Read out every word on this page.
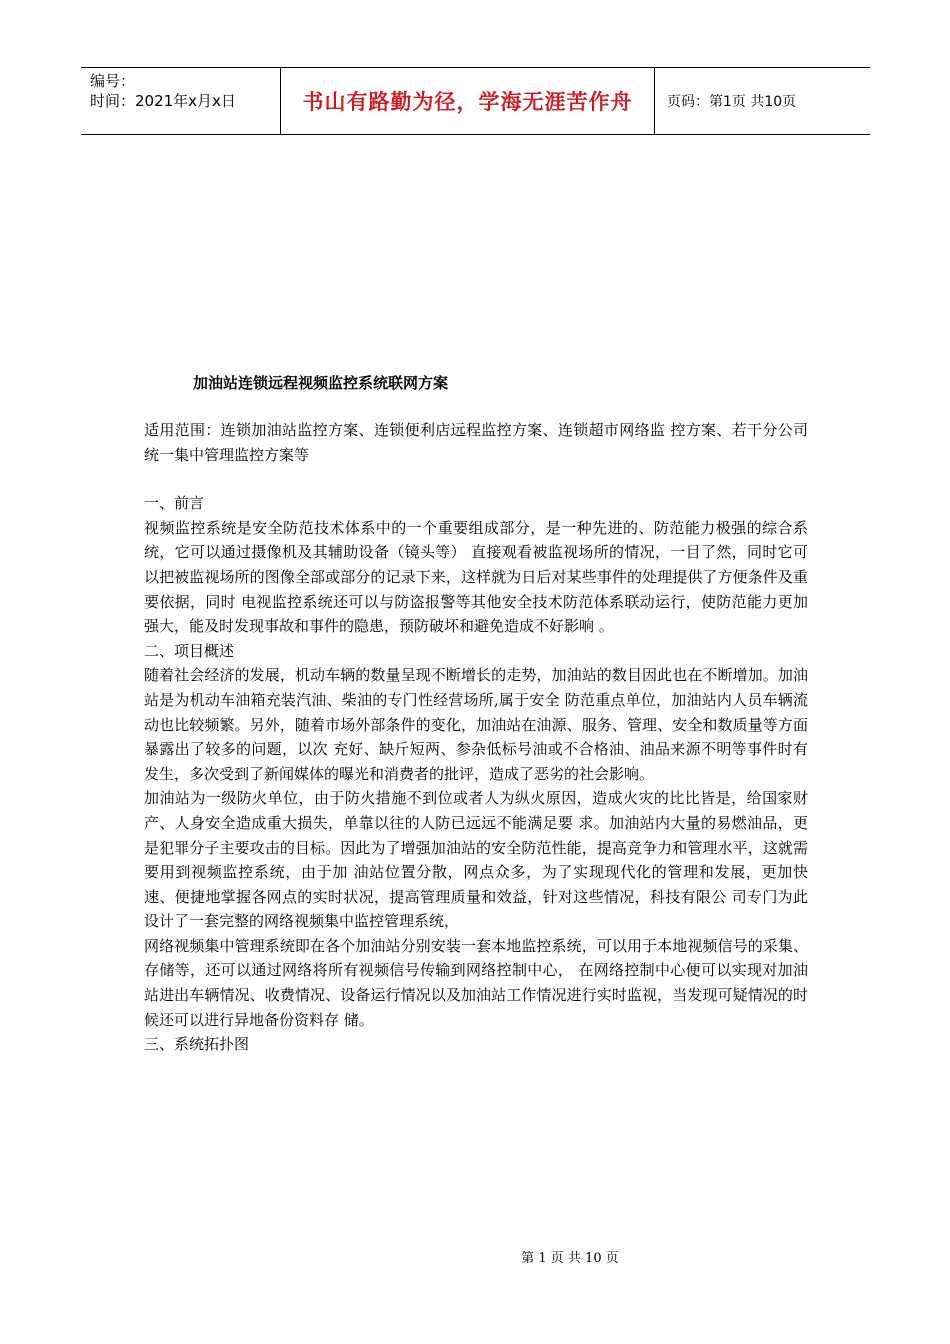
编号：
时间：2021年x月x日	书山有路勤为径，学海无涯苦作舟 页码：第1页 共10页
加油站连锁远程视频监控系统联网方案

适用范围：连锁加油站监控方案、连锁便利店远程监控方案、连锁超市网络监 控方案、若干分公司统一集中管理监控方案等

一、前言

视频监控系统是安全防范技术体系中的一个重要组成部分，是一种先进的、防范能力极强的综合系统，它可以通过摄像机及其辅助设备（镜头等） 直接观看被监视场所的情况，一目了然，同时它可以把被监视场所的图像全部或部分的记录下来，这样就为日后对某些事件的处理提供了方便条件及重要依据，同时 电视监控系统还可以与防盗报警等其他安全技术防范体系联动运行，使防范能力更加强大，能及时发现事故和事件的隐患，预防破坏和避免造成不好影响 。

二、项目概述

随着社会经济的发展，机动车辆的数量呈现不断增长的走势，加油站的数目因此也在不断增加。加油站是为机动车油箱充装汽油、柴油的专门性经营场所,属于安全 防范重点单位，加油站内人员车辆流动也比较频繁。另外，随着市场外部条件的变化，加油站在油源、服务、管理、安全和数质量等方面暴露出了较多的问题，以次 充好、缺斤短两、参杂低标号油或不合格油、油品来源不明等事件时有发生，多次受到了新闻媒体的曝光和消费者的批评，造成了恶劣的社会影响。

加油站为一级防火单位，由于防火措施不到位或者人为纵火原因，造成火灾的比比皆是，给国家财产、人身安全造成重大损失，单靠以往的人防已远远不能满足要 求。加油站内大量的易燃油品，更是犯罪分子主要攻击的目标。因此为了增强加油站的安全防范性能，提高竞争力和管理水平，这就需要用到视频监控系统，由于加 油站位置分散，网点众多，为了实现现代化的管理和发展，更加快速、便捷地掌握各网点的实时状况，提高管理质量和效益，针对这些情况，科技有限公 司专门为此设计了一套完整的网络视频集中监控管理系统，

网络视频集中管理系统即在各个加油站分别安装一套本地监控系统，可以用于本地视频信号的采集、存储等，还可以通过网络将所有视频信号传输到网络控制中心， 在网络控制中心便可以实现对加油站进出车辆情况、收费情况、设备运行情况以及加油站工作情况进行实时监视，当发现可疑情况的时候还可以进行异地备份资料存 储。

三、系统拓扑图

第 1 页 共 10 页
